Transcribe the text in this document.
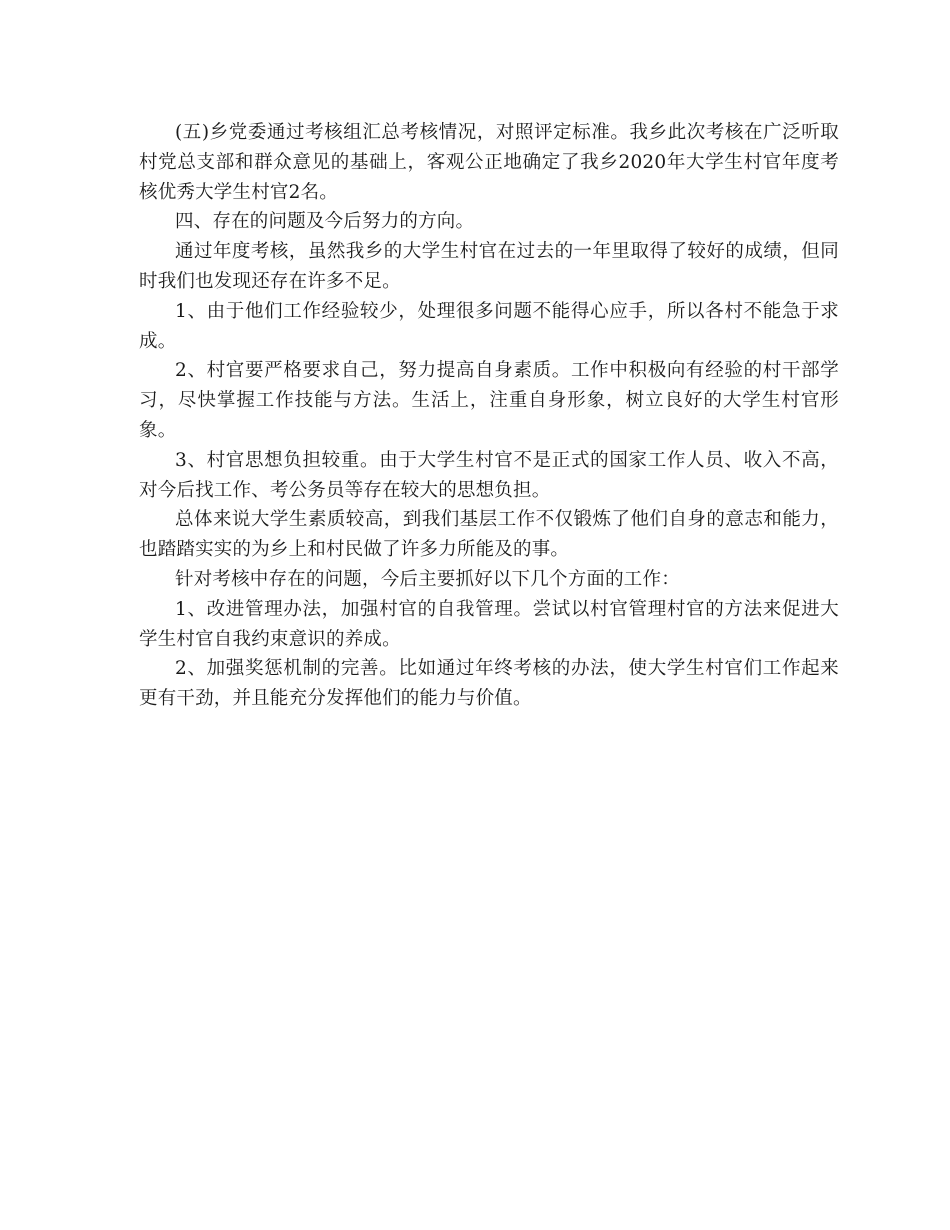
(五)乡党委通过考核组汇总考核情况，对照评定标准。我乡此次考核在广泛听取村党总支部和群众意见的基础上，客观公正地确定了我乡2020年大学生村官年度考核优秀大学生村官2名。

四、存在的问题及今后努力的方向。

通过年度考核，虽然我乡的大学生村官在过去的一年里取得了较好的成绩，但同时我们也发现还存在许多不足。

1、由于他们工作经验较少，处理很多问题不能得心应手，所以各村不能急于求成。

2、村官要严格要求自己，努力提高自身素质。工作中积极向有经验的村干部学习，尽快掌握工作技能与方法。生活上，注重自身形象，树立良好的大学生村官形象。

3、村官思想负担较重。由于大学生村官不是正式的国家工作人员、收入不高，对今后找工作、考公务员等存在较大的思想负担。

总体来说大学生素质较高，到我们基层工作不仅锻炼了他们自身的意志和能力，也踏踏实实的为乡上和村民做了许多力所能及的事。

针对考核中存在的问题，今后主要抓好以下几个方面的工作：

1、改进管理办法，加强村官的自我管理。尝试以村官管理村官的方法来促进大学生村官自我约束意识的养成。

2、加强奖惩机制的完善。比如通过年终考核的办法，使大学生村官们工作起来更有干劲，并且能充分发挥他们的能力与价值。
